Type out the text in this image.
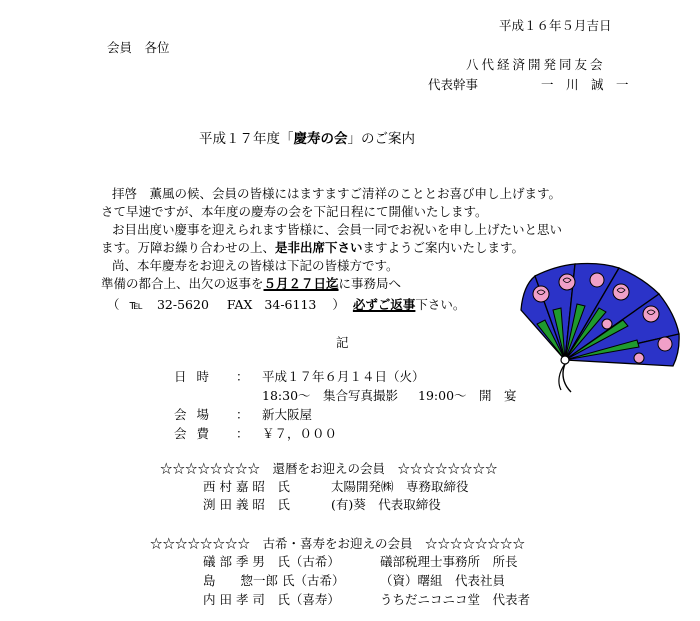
平成１６年５月吉日
会員　各位
八代経済開発同友会
代表幹事	一　川　誠　一
平成１７年度「慶寿の会」のご案内
拝啓　薫風の候、会員の皆様にはますますご清祥のこととお喜び申し上げます。
さて早速ですが、本年度の慶寿の会を下記日程にて開催いたします。
お目出度い慶事を迎えられます皆様に、会員一同でお祝いを申し上げたいと思い
ます。万障お繰り合わせの上、是非出席下さいますようご案内いたします。
尚、本年慶寿をお迎えの皆様は下記の皆様方です。
準備の都合上、出欠の返事を５月２７日迄に事務局へ
（ ℡ 32-5620 FAX 34-6113 ） 必ずご返事下さい。
記
日時 ： 平成１７年６月１４日（火）
18:30～　集合写真撮影 19:00～　開　宴
会場 ： 新大阪屋
会費 ： ￥７，０００
☆☆☆☆☆☆☆☆　還暦をお迎えの会員　☆☆☆☆☆☆☆☆
西 村 嘉 昭　氏	太陽開発㈱　専務取締役
渕 田 義 昭　氏	(有)葵　代表取締役
☆☆☆☆☆☆☆☆　古希・喜寿をお迎えの会員　☆☆☆☆☆☆☆☆
礒 部 季 男　氏（古希）	礒部税理士事務所　所長
島　　惣一郎 氏（古希）	（資）曙組　代表社員
内 田 孝 司　氏（喜寿）	うちだニコニコ堂　代表者
